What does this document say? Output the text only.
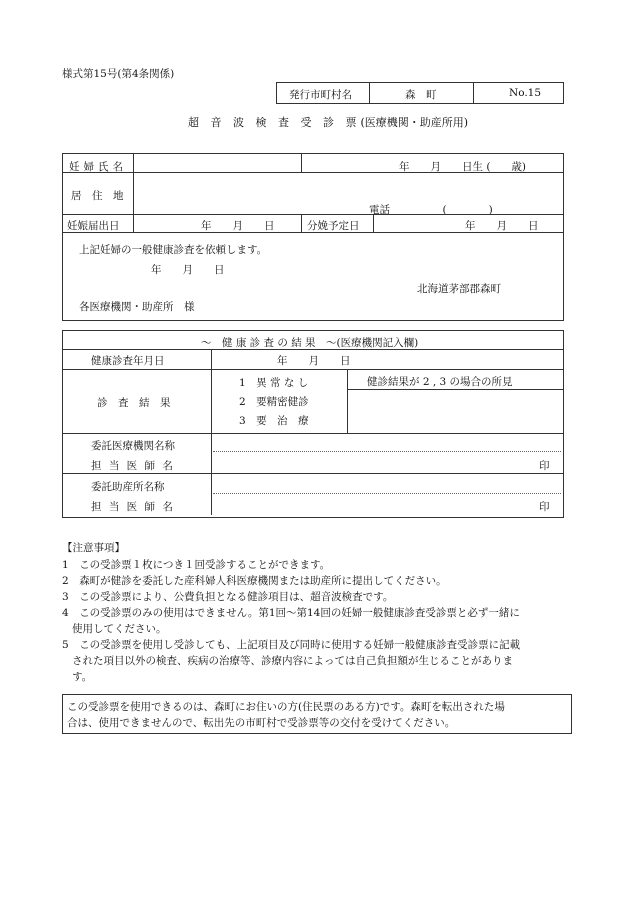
様式第15号(第4条関係)
発行市町村名	森　町	No.15
超 音 波 検 査 受 診 票(医療機関・助産所用)
妊婦氏名	年　　月　　日生 (　　歳)
居　住　地
電話　　　　　(　　　　)
妊娠届出日	年　　月　　日	分娩予定日	年　　月　　日
上記妊婦の一般健康診査を依頼します。
年　　月　　日
北海道茅部郡森町
各医療機関・助産所　様
～　健 康 診 査 の 結 果　～(医療機関記入欄)
健康診査年月日	年　　月　　日
診　査　結　果
1　異 常 な し
2　要精密健診
3　要　治　療
健診結果が 2 , 3 の場合の所見
委託医療機関名称
担 当 医 師 名	印
委託助産所名称
担 当 医 師 名	印
【注意事項】
1　 この受診票１枚につき１回受診することができます。
2　 森町が健診を委託した産科婦人科医療機関または助産所に提出してください。
3　 この受診票により、公費負担となる健診項目は、超音波検査です。
4　 この受診票のみの使用はできません。第1回～第14回の妊婦一般健康診査受診票と必ず一緒に
使用してください。
5　 この受診票を使用し受診しても、上記項目及び同時に使用する妊婦一般健康診査受診票に記載
された項目以外の検査、疾病の治療等、診療内容によっては自己負担額が生じることがありま
す。
この受診票を使用できるのは、森町にお住いの方(住民票のある方)です。森町を転出された場
合は、使用できませんので、転出先の市町村で受診票等の交付を受けてください。
